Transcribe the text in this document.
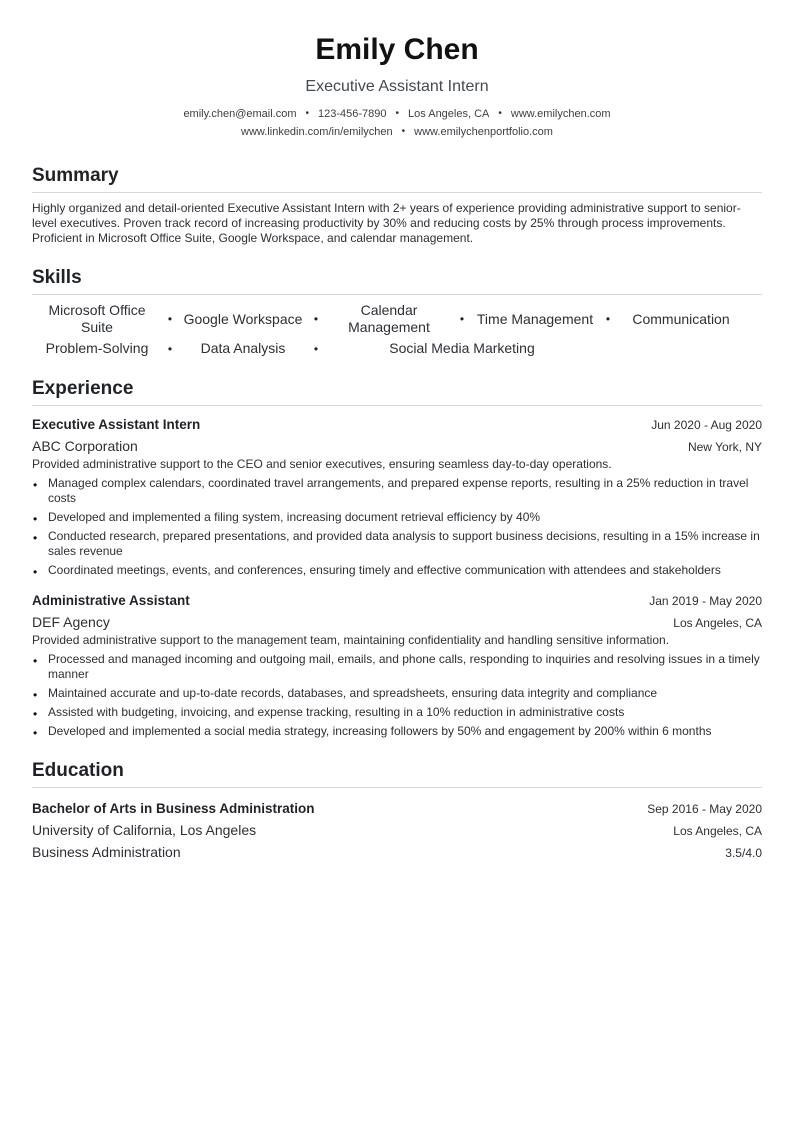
Emily Chen
Executive Assistant Intern
emily.chen@email.com • 123-456-7890 • Los Angeles, CA • www.emilychen.com
www.linkedin.com/in/emilychen • www.emilychenportfolio.com
Summary

Highly organized and detail-oriented Executive Assistant Intern with 2+ years of experience providing administrative support to senior-level executives. Proven track record of increasing productivity by 30% and reducing costs by 25% through process improvements. Proficient in Microsoft Office Suite, Google Workspace, and calendar management.

Skills
Microsoft Office Suite	• Google Workspace •
Calendar Management	• Time Management	•	Communication
Problem-Solving	•	Data Analysis	•	Social Media Marketing
Experience
Executive Assistant Intern	Jun 2020 - Aug 2020
ABC Corporation	New York, NY

Provided administrative support to the CEO and senior executives, ensuring seamless day-to-day operations.

• Managed complex calendars, coordinated travel arrangements, and prepared expense reports, resulting in a 25% reduction in travel costs
• Developed and implemented a filing system, increasing document retrieval efficiency by 40%
• Conducted research, prepared presentations, and provided data analysis to support business decisions, resulting in a 15% increase in sales revenue
• Coordinated meetings, events, and conferences, ensuring timely and effective communication with attendees and stakeholders
Administrative Assistant	Jan 2019 - May 2020
DEF Agency	Los Angeles, CA

Provided administrative support to the management team, maintaining confidentiality and handling sensitive information.

• Processed and managed incoming and outgoing mail, emails, and phone calls, responding to inquiries and resolving issues in a timely manner
• Maintained accurate and up-to-date records, databases, and spreadsheets, ensuring data integrity and compliance
• Assisted with budgeting, invoicing, and expense tracking, resulting in a 10% reduction in administrative costs
• Developed and implemented a social media strategy, increasing followers by 50% and engagement by 200% within 6 months
Education
Bachelor of Arts in Business Administration	Sep 2016 - May 2020
University of California, Los Angeles	Los Angeles, CA
Business Administration	3.5/4.0
